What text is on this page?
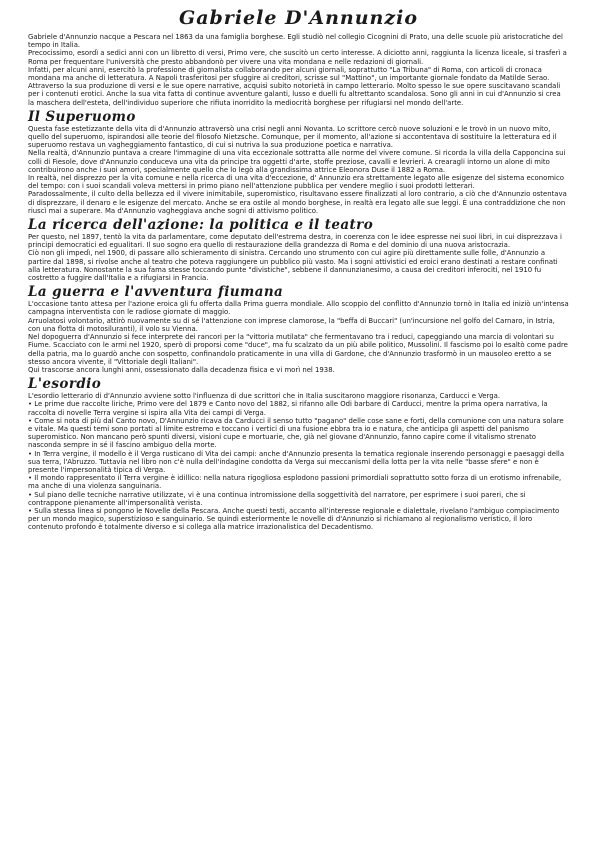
Gabriele D'Annunzio

Gabriele d'Annunzio nacque a Pescara nel 1863 da una famiglia borghese. Egli studiò nel collegio Cicognini di Prato, una delle scuole più aristocratiche del tempo in Italia.

Precocissimo, esordì a sedici anni con un libretto di versi, Primo vere, che suscitò un certo interesse. A diciotto anni, raggiunta la licenza liceale, si trasferì a Roma per frequentare l'università che presto abbandonò per vivere una vita mondana e nelle redazioni di giornali.

Infatti, per alcuni anni, esercitò la professione di giornalista collaborando per alcuni giornali, soprattutto "La Tribuna" di Roma, con articoli di cronaca mondana ma anche di letteratura. A Napoli trasferitosi per sfuggire ai creditori, scrisse sul "Mattino", un importante giornale fondato da Matilde Serao.

Attraverso la sua produzione di versi e le sue opere narrative, acquisì subito notorietà in campo letterario. Molto spesso le sue opere suscitavano scandali per i contenuti erotici. Anche la sua vita fatta di continue avventure galanti, lusso e duelli fu altrettanto scandalosa. Sono gli anni in cui d'Annunzio si crea la maschera dell'esteta, dell'individuo superiore che rifiuta inorridito la mediocrità borghese per rifugiarsi nel mondo dell'arte.

Il Superuomo

Questa fase estetizzante della vita di d'Annunzio attraversò una crisi negli anni Novanta. Lo scrittore cercò nuove soluzioni e le trovò in un nuovo mito, quello del superuomo, ispirandosi alle teorie del filosofo Nietzsche. Comunque, per il momento, all'azione si accontentava di sostituire la letteratura ed il superuomo restava un vagheggiamento fantastico, di cui si nutriva la sua produzione poetica e narrativa.

Nella realtà, d'Annunzio puntava a creare l'immagine di una vita eccezionale sottratta alle norme del vivere comune. Si ricorda la villa della Capponcina sui colli di Fiesole, dove d'Annunzio conduceva una vita da principe tra oggetti d'arte, stoffe preziose, cavalli e levrieri. A crearagli intorno un alone di mito contribuirono anche i suoi amori, specialmente quello che lo legò alla grandissima attrice Eleonora Duse il 1882 a Roma.

In realtà, nel disprezzo per la vita comune e nella ricerca di una vita d'eccezione, d' Annunzio era strettamente legato alle esigenze del sistema economico del tempo: con i suoi scandali voleva mettersi in primo piano nell'attenzione pubblica per vendere meglio i suoi prodotti letterari.

Paradossalmente, il culto della bellezza ed il vivere inimitabile, superomistico, risultavano essere finalizzati al loro contrario, a ciò che d'Annunzio ostentava di disprezzare, il denaro e le esigenze del mercato. Anche se era ostile al mondo borghese, in realtà era legato alle sue leggi. È una contraddizione che non riuscì mai a superare. Ma d'Annunzio vagheggiava anche sogni di attivismo politico.

La ricerca dell'azione: la politica e il teatro

Per questo, nel 1897, tentò la vita da parlamentare, come deputato dell'estrema destra, in coerenza con le idee espresse nei suoi libri, in cui disprezzava i principi democratici ed egualitari. Il suo sogno era quello di restaurazione della grandezza di Roma e del dominio di una nuova aristocrazia.

Ciò non gli impedì, nel 1900, di passare allo schieramento di sinistra. Cercando uno strumento con cui agire più direttamente sulle folle, d'Annunzio a partire dal 1898, si rivolse anche al teatro che poteva raggiungere un pubblico più vasto. Ma i sogni attivistici ed eroici erano destinati a restare confinati alla letteratura. Nonostante la sua fama stesse toccando punte "divistiche", sebbene il dannunzianesimo, a causa dei creditori inferociti, nel 1910 fu costretto a fuggire dall'Italia e a rifugiarsi in Francia.

La guerra e l'avventura fiumana

L'occasione tanto attesa per l'azione eroica gli fu offerta dalla Prima guerra mondiale. Allo scoppio del conflitto d'Annunzio tornò in Italia ed iniziò un'intensa campagna interventista con le radiose giornate di maggio.

Arruolatosi volontario, attirò nuovamente su di sé l'attenzione con imprese clamorose, la "beffa di Buccari" (un'incursione nel golfo del Carnaro, in Istria, con una flotta di motosiluranti), il volo su Vienna.

Nel dopoguerra d'Annunzio si fece interprete dei rancori per la "vittoria mutilata" che fermentavano tra i reduci, capeggiando una marcia di volontari su Fiume. Scacciato con le armi nel 1920, sperò di proporsi come "duce", ma fu scalzato da un più abile politico, Mussolini. Il fascismo poi lo esaltò come padre della patria, ma lo guardò anche con sospetto, confinandolo praticamente in una villa di Gardone, che d'Annunzio trasformò in un mausoleo eretto a se stesso ancora vivente, il "Vittoriale degli Italiani".

Qui trascorse ancora lunghi anni, ossessionato dalla decadenza fisica e vi morì nel 1938.

L'esordio

L'esordio letterario di d'Annunzio avviene sotto l'influenza di due scrittori che in Italia suscitarono maggiore risonanza, Carducci e Verga.

• Le prime due raccolte liriche, Primo vere del 1879 e Canto novo del 1882, si rifanno alle Odi barbare di Carducci, mentre la prima opera narrativa, la raccolta di novelle Terra vergine si ispira alla Vita dei campi di Verga.

• Come si nota di più dal Canto novo, D'Annunzio ricava da Carducci il senso tutto "pagano" delle cose sane e forti, della comunione con una natura solare e vitale. Ma questi temi sono portati al limite estremo e toccano i vertici di una fusione ebbra tra io e natura, che anticipa gli aspetti del panismo superomistico. Non mancano però spunti diversi, visioni cupe e mortuarie, che, già nel giovane d'Annunzio, fanno capire come il vitalismo strenato nasconda sempre in sé il fascino ambiguo della morte.

• In Terra vergine, il modello è il Verga rusticano di Vita dei campi: anche d'Annunzio presenta la tematica regionale inserendo personaggi e paesaggi della sua terra, l'Abruzzo. Tuttavia nel libro non c'è nulla dell'indagine condotta da Verga sui meccanismi della lotta per la vita nelle "basse sfere" e non è presente l'impersonalità tipica di Verga.

• Il mondo rappresentato il Terra vergine è idillico: nella natura rigogliosa esplodono passioni primordiali soprattutto sotto forza di un erotismo infrenabile, ma anche di una violenza sanguinaria.

• Sul piano delle tecniche narrative utilizzate, vi è una continua intromissione della soggettività del narratore, per esprimere i suoi pareri, che si contrappone pienamente all'impersonalità verista.

• Sulla stessa linea si pongono le Novelle della Pescara. Anche questi testi, accanto all'interesse regionale e dialettale, rivelano l'ambiguo compiacimento per un mondo magico, superstizioso e sanguinario. Se quindi esteriormente le novelle di d'Annunzio si richiamano al regionalismo veristico, il loro contenuto profondo è totalmente diverso e si collega alla matrice irrazionalistica del Decadentismo.
